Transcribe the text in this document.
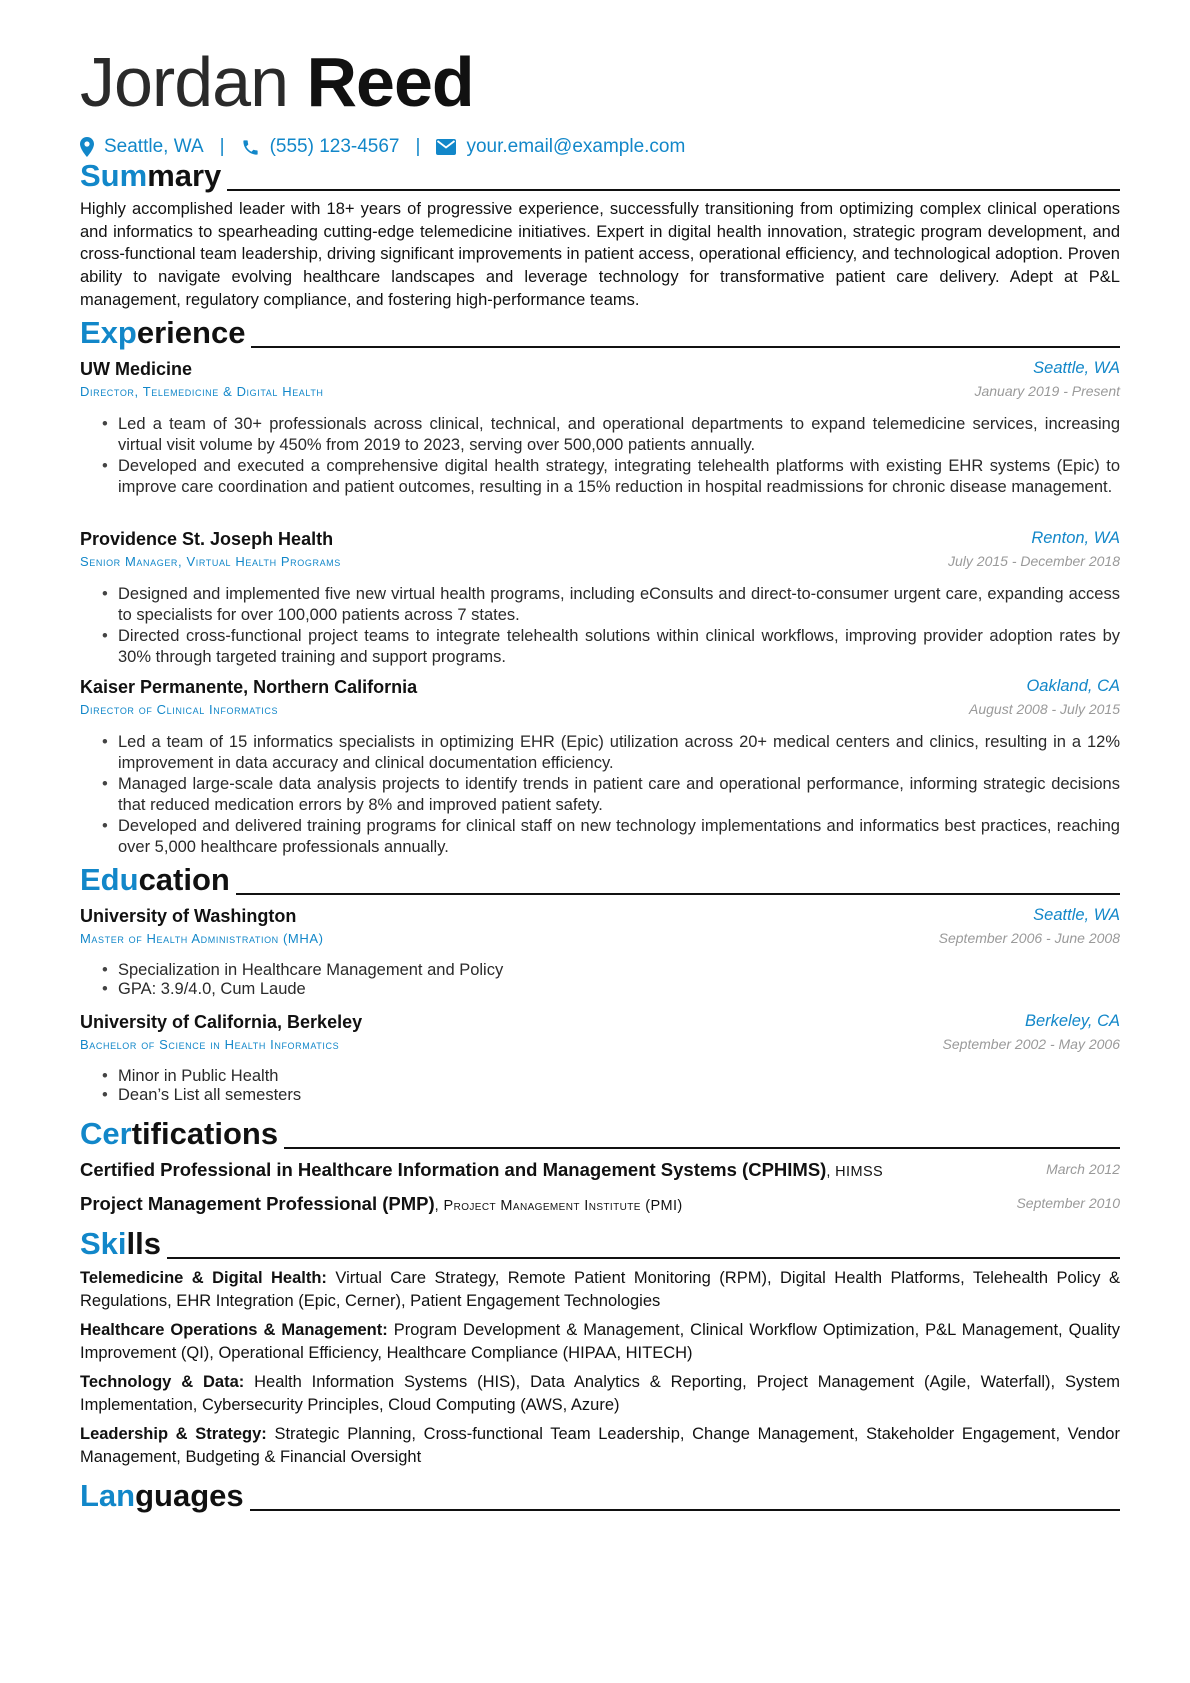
Jordan Reed
Seattle, WA | (555) 123-4567 | your.email@example.com
Summary
Highly accomplished leader with 18+ years of progressive experience, successfully transitioning from optimizing complex clinical operations and informatics to spearheading cutting-edge telemedicine initiatives. Expert in digital health innovation, strategic program development, and cross-functional team leadership, driving significant improvements in patient access, operational efficiency, and technological adoption. Proven ability to navigate evolving healthcare landscapes and leverage technology for transformative patient care delivery. Adept at P&L management, regulatory compliance, and fostering high-performance teams.
Experience
UW Medicine	Seattle, WA
Director, Telemedicine & Digital Health	January 2019 - Present
• Led a team of 30+ professionals across clinical, technical, and operational departments to expand telemedicine services, increasing virtual visit volume by 450% from 2019 to 2023, serving over 500,000 patients annually.
• Developed and executed a comprehensive digital health strategy, integrating telehealth platforms with existing EHR systems (Epic) to improve care coordination and patient outcomes, resulting in a 15% reduction in hospital readmissions for chronic disease management.
Providence St. Joseph Health	Renton, WA
Senior Manager, Virtual Health Programs	July 2015 - December 2018
• Designed and implemented five new virtual health programs, including eConsults and direct-to-consumer urgent care, expanding access to specialists for over 100,000 patients across 7 states.
• Directed cross-functional project teams to integrate telehealth solutions within clinical workflows, improving provider adoption rates by 30% through targeted training and support programs.
Kaiser Permanente, Northern California	Oakland, CA
Director of Clinical Informatics	August 2008 - July 2015
• Led a team of 15 informatics specialists in optimizing EHR (Epic) utilization across 20+ medical centers and clinics, resulting in a 12% improvement in data accuracy and clinical documentation efficiency.
• Managed large-scale data analysis projects to identify trends in patient care and operational performance, informing strategic decisions that reduced medication errors by 8% and improved patient safety.
• Developed and delivered training programs for clinical staff on new technology implementations and informatics best practices, reaching over 5,000 healthcare professionals annually.
Education
University of Washington	Seattle, WA
Master of Health Administration (MHA)	September 2006 - June 2008
• Specialization in Healthcare Management and Policy
• GPA: 3.9/4.0, Cum Laude
University of California, Berkeley	Berkeley, CA
Bachelor of Science in Health Informatics	September 2002 - May 2006
• Minor in Public Health
• Dean’s List all semesters
Certifications
Certified Professional in Healthcare Information and Management Systems (CPHIMS), HIMSS	March 2012
Project Management Professional (PMP), Project Management Institute (PMI)	September 2010
Skills
Telemedicine & Digital Health: Virtual Care Strategy, Remote Patient Monitoring (RPM), Digital Health Platforms, Telehealth Policy & Regulations, EHR Integration (Epic, Cerner), Patient Engagement Technologies
Healthcare Operations & Management: Program Development & Management, Clinical Workflow Optimization, P&L Management, Quality Improvement (QI), Operational Efficiency, Healthcare Compliance (HIPAA, HITECH)
Technology & Data: Health Information Systems (HIS), Data Analytics & Reporting, Project Management (Agile, Waterfall), System Implementation, Cybersecurity Principles, Cloud Computing (AWS, Azure)
Leadership & Strategy: Strategic Planning, Cross-functional Team Leadership, Change Management, Stakeholder Engagement, Vendor Management, Budgeting & Financial Oversight
Languages
